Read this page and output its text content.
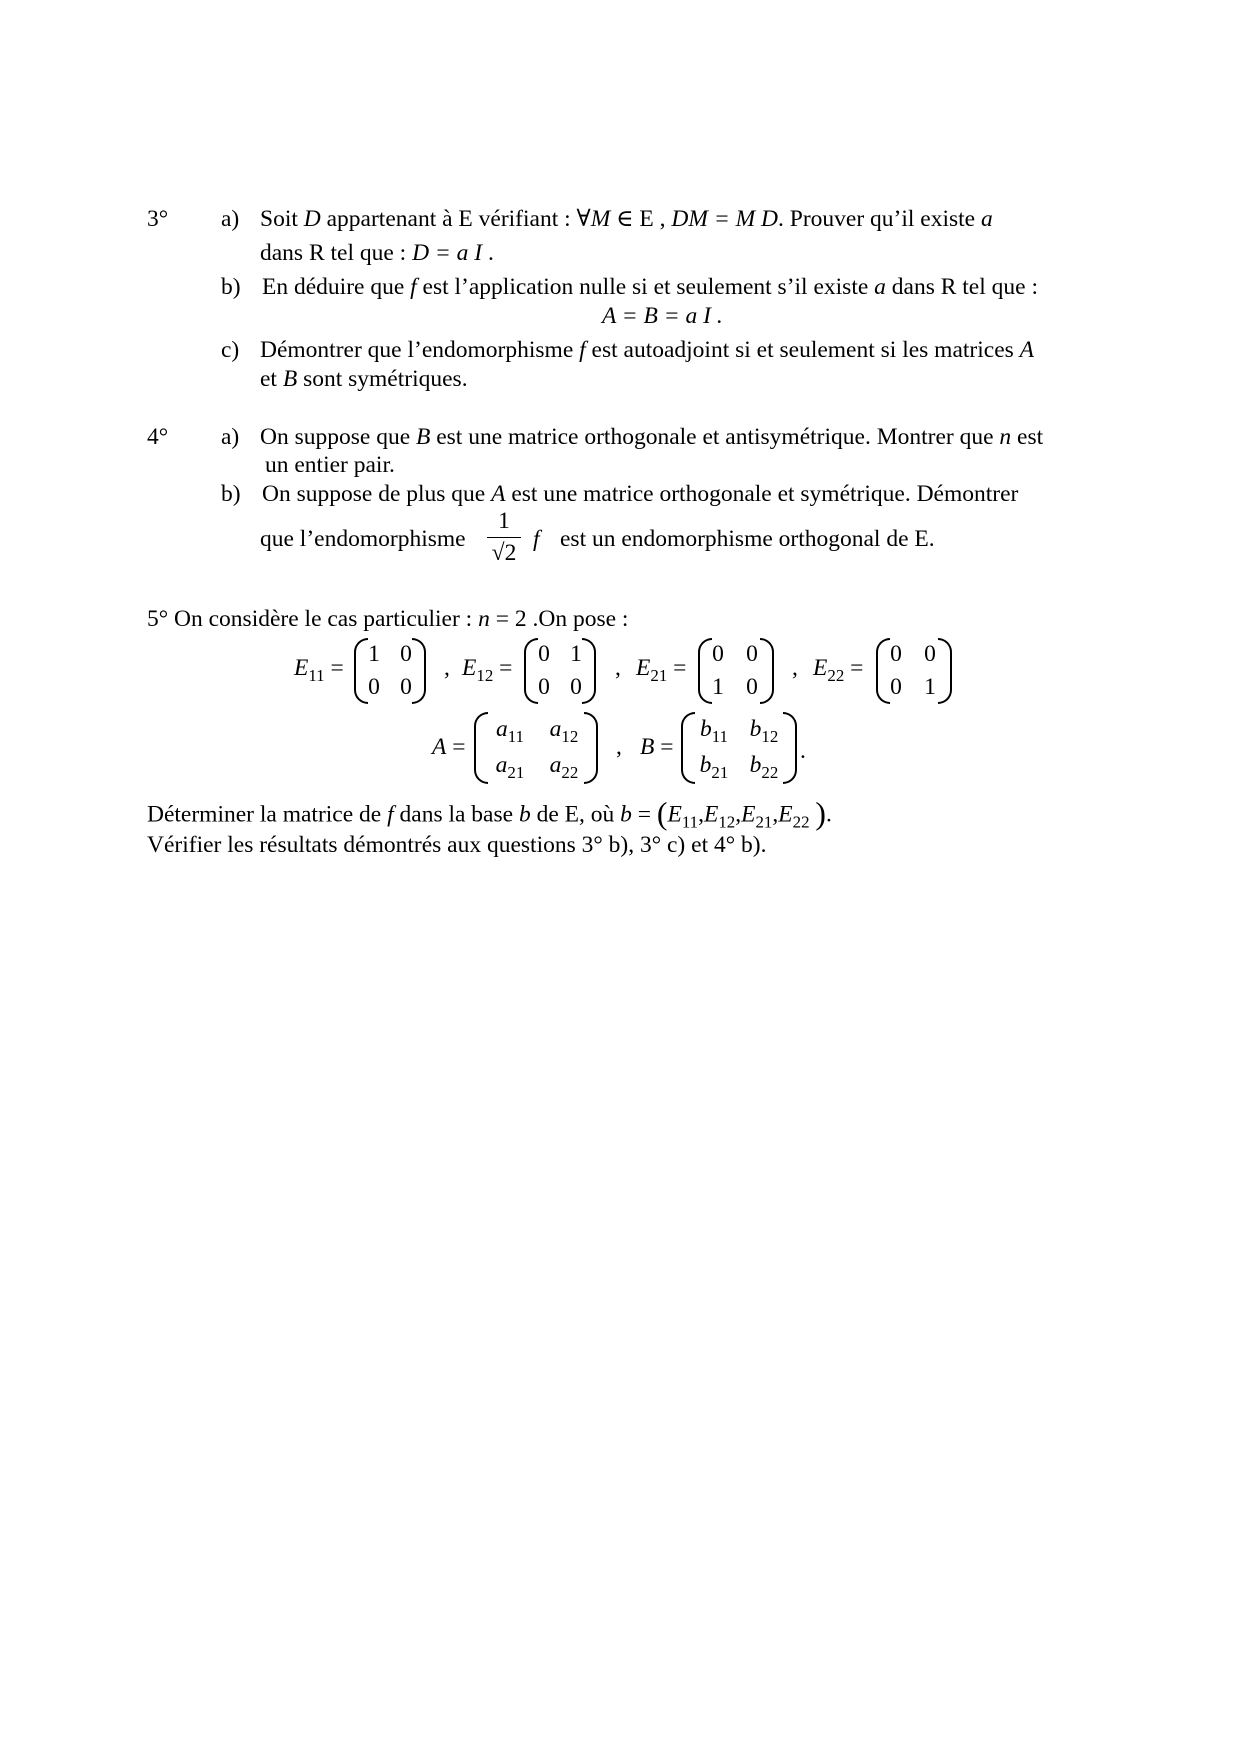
3° a) Soit D appartenant à E vérifiant : ∀M ∈ E , DM = M D. Prouver qu’il existe a
dans R tel que : D = a I .
b) En déduire que f est l’application nulle si et seulement s’il existe a dans R tel que :
A = B = a I .
c) Démontrer que l’endomorphisme f est autoadjoint si et seulement si les matrices A
et B sont symétriques.
4° a) On suppose que B est une matrice orthogonale et antisymétrique. Montrer que n est
un entier pair.
b) On suppose de plus que A est une matrice orthogonale et symétrique. Démontrer
que l’endomorphisme
1
√2
f est un endomorphisme orthogonal de E.
5° On considère le cas particulier : n = 2 .On pose :
$E_{11}$ =
1 0
0 0
, $E_{12}$ =
0 1
0 0
, $E_{21}$ =
0 0
1 0
, $E_{22}$ =
0 0
0 1
A =
$a_{11}$	$a_{12}$
$a_{21}$	$a_{22}$
, B =
$b_{11}$ $b_{12}$
$b_{21}$ $b_{22}$
.
Déterminer la matrice de f dans la base b de E, où $b = (E_{11},E_{12},E_{21},E_{22}$ ).
Vérifier les résultats démontrés aux questions 3° b), 3° c) et 4° b).
